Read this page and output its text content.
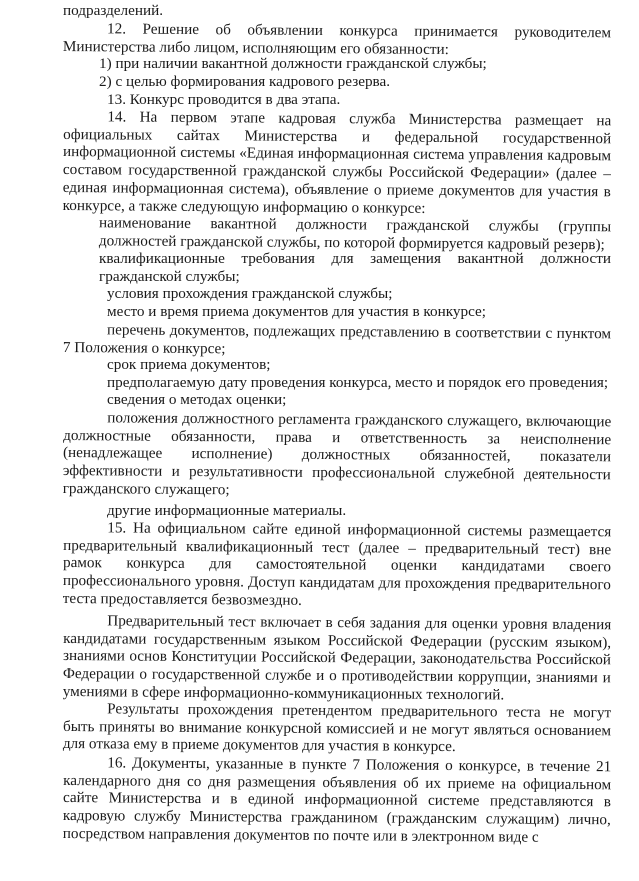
подразделений.

12. Решение об объявлении конкурса принимается руководителем Министерства либо лицом, исполняющим его обязанности:

1) при наличии вакантной должности гражданской службы;

2) с целью формирования кадрового резерва.

13. Конкурс проводится в два этапа.

14. На первом этапе кадровая служба Министерства размещает на официальных сайтах Министерства и федеральной государственной информационной системы «Единая информационная система управления кадровым составом государственной гражданской службы Российской Федерации» (далее – единая информационная система), объявление о приеме документов для участия в конкурсе, а также следующую информацию о конкурсе:

наименование вакантной должности гражданской службы (группы должностей гражданской службы, по которой формируется кадровый резерв);

квалификационные требования для замещения вакантной должности гражданской службы;

условия прохождения гражданской службы;

место и время приема документов для участия в конкурсе;

перечень документов, подлежащих представлению в соответствии с пунктом 7 Положения о конкурсе;

срок приема документов;

предполагаемую дату проведения конкурса, место и порядок его проведения;

сведения о методах оценки;

положения должностного регламента гражданского служащего, включающие должностные обязанности, права и ответственность за неисполнение (ненадлежащее исполнение) должностных обязанностей, показатели эффективности и результативности профессиональной служебной деятельности гражданского служащего;

другие информационные материалы.

15. На официальном сайте единой информационной системы размещается предварительный квалификационный тест (далее – предварительный тест) вне рамок конкурса для самостоятельной оценки кандидатами своего профессионального уровня. Доступ кандидатам для прохождения предварительного теста предоставляется безвозмездно.

Предварительный тест включает в себя задания для оценки уровня владения кандидатами государственным языком Российской Федерации (русским языком), знаниями основ Конституции Российской Федерации, законодательства Российской Федерации о государственной службе и о противодействии коррупции, знаниями и умениями в сфере информационно-коммуникационных технологий.

Результаты прохождения претендентом предварительного теста не могут быть приняты во внимание конкурсной комиссией и не могут являться основанием для отказа ему в приеме документов для участия в конкурсе.

16. Документы, указанные в пункте 7 Положения о конкурсе, в течение 21 календарного дня со дня размещения объявления об их приеме на официальном сайте Министерства и в единой информационной системе представляются в кадровую службу Министерства гражданином (гражданским служащим) лично, посредством направления документов по почте или в электронном виде с
